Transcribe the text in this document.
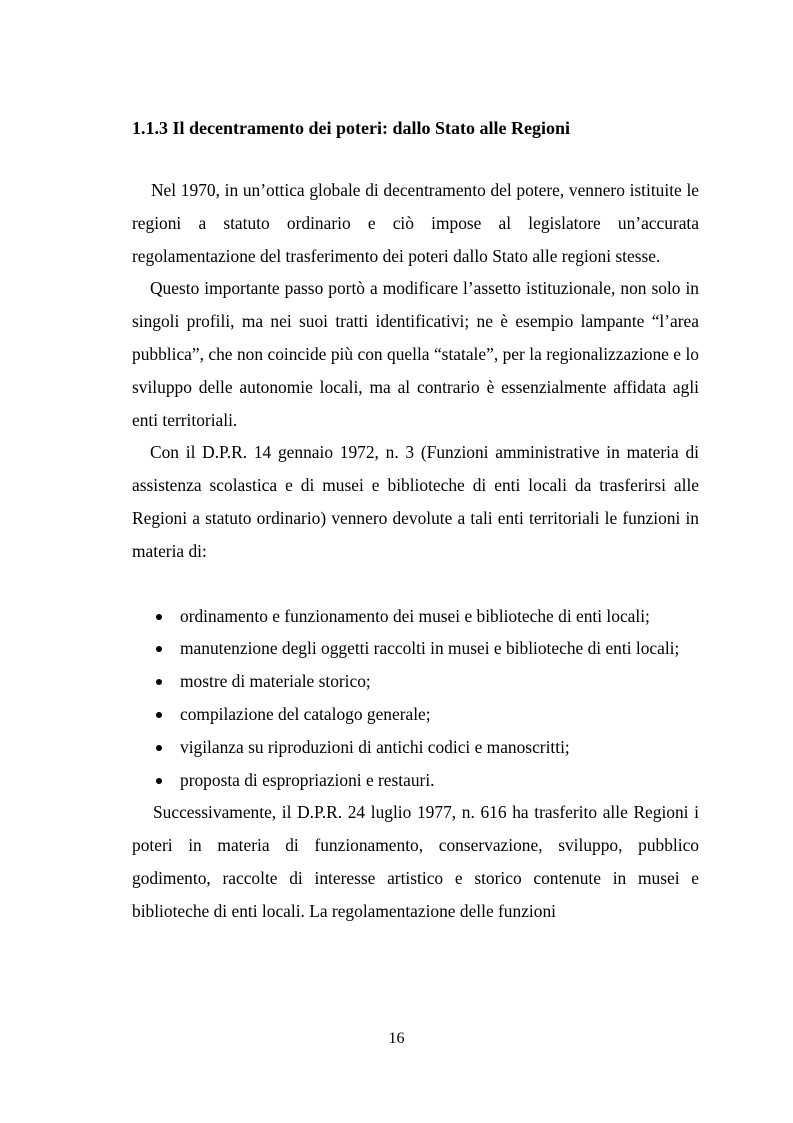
1.1.3 Il decentramento dei poteri: dallo Stato alle Regioni

Nel 1970, in un’ottica globale di decentramento del potere, vennero istituite le regioni a statuto ordinario e ciò impose al legislatore un’accurata regolamentazione del trasferimento dei poteri dallo Stato alle regioni stesse.

Questo importante passo portò a modificare l’assetto istituzionale, non solo in singoli profili, ma nei suoi tratti identificativi; ne è esempio lampante “l’area pubblica”, che non coincide più con quella “statale”, per la regionalizzazione e lo sviluppo delle autonomie locali, ma al contrario è essenzialmente affidata agli enti territoriali.

Con il D.P.R. 14 gennaio 1972, n. 3 (Funzioni amministrative in materia di assistenza scolastica e di musei e biblioteche di enti locali da trasferirsi alle Regioni a statuto ordinario) vennero devolute a tali enti territoriali le funzioni in materia di:

ordinamento e funzionamento dei musei e biblioteche di enti locali;
manutenzione degli oggetti raccolti in musei e biblioteche di enti locali;
mostre di materiale storico;
compilazione del catalogo generale;
vigilanza su riproduzioni di antichi codici e manoscritti;
proposta di espropriazioni e restauri.

Successivamente, il D.P.R. 24 luglio 1977, n. 616 ha trasferito alle Regioni i poteri in materia di funzionamento, conservazione, sviluppo, pubblico godimento, raccolte di interesse artistico e storico contenute in musei e biblioteche di enti locali. La regolamentazione delle funzioni

16
